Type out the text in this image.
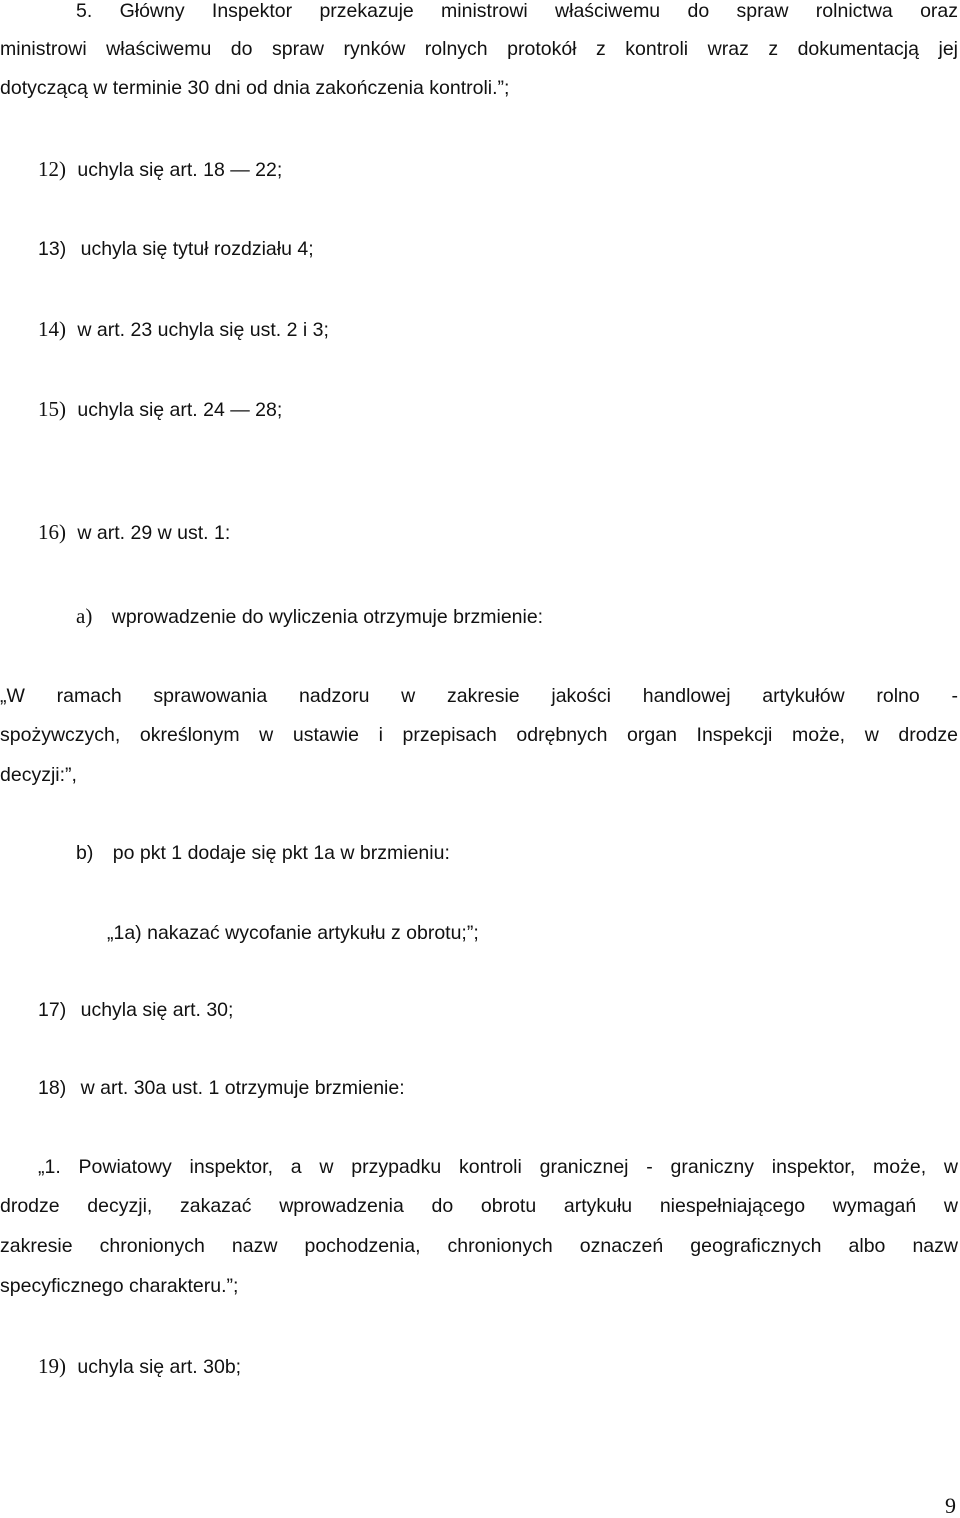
5. Główny Inspektor przekazuje ministrowi właściwemu do spraw rolnictwa oraz
ministrowi właściwemu do spraw rynków rolnych protokół z kontroli wraz z dokumentacją jej
dotyczącą w terminie 30 dni od dnia zakończenia kontroli.”;
12) uchyla się art. 18 — 22;
13) uchyla się tytuł rozdziału 4;
14) w art. 23 uchyla się ust. 2 i 3;
15) uchyla się art. 24 — 28;
16) w art. 29 w ust. 1:
a) wprowadzenie do wyliczenia otrzymuje brzmienie:
„W ramach sprawowania nadzoru w zakresie jakości handlowej artykułów rolno -
spożywczych, określonym w ustawie i przepisach odrębnych organ Inspekcji może, w drodze
decyzji:”,
b) po pkt 1 dodaje się pkt 1a w brzmieniu:
„1a) nakazać wycofanie artykułu z obrotu;”;
17) uchyla się art. 30;
18) w art. 30a ust. 1 otrzymuje brzmienie:
„1. Powiatowy inspektor, a w przypadku kontroli granicznej - graniczny inspektor, może, w
drodze decyzji, zakazać wprowadzenia do obrotu artykułu niespełniającego wymagań w
zakresie chronionych nazw pochodzenia, chronionych oznaczeń geograficznych albo nazw
specyficznego charakteru.”;
19) uchyla się art. 30b;
9
